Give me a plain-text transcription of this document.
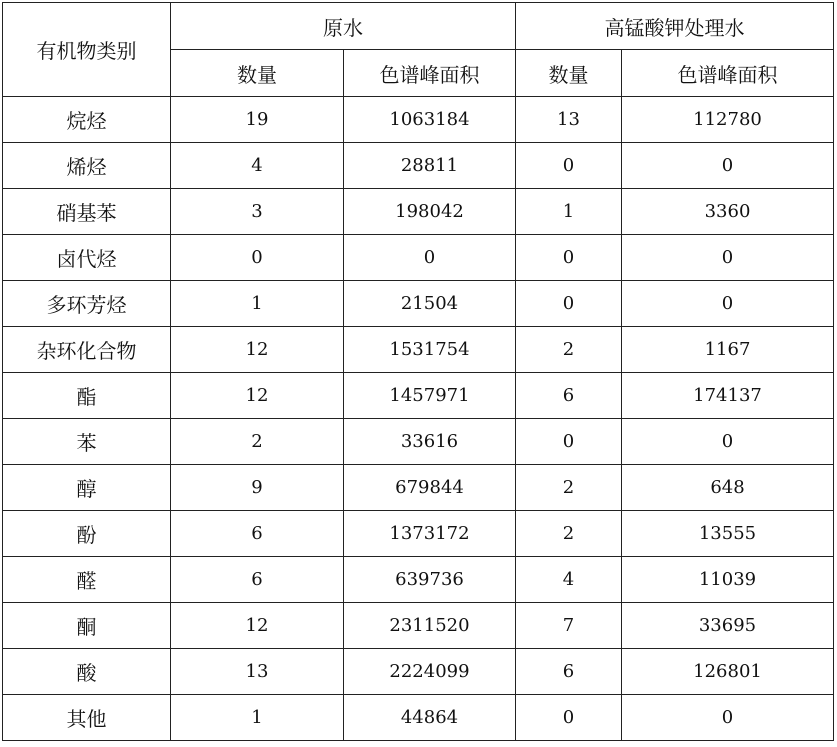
有机物类别	原水		高锰酸钾处理水	
	数量	色谱峰面积	数量	色谱峰面积
烷烃	19	1063184	13	112780
烯烃	4	28811	0	0
硝基苯	3	198042	1	3360
卤代烃	0	0	0	0
多环芳烃	1	21504	0	0
杂环化合物	12	1531754	2	1167
酯	12	1457971	6	174137
苯	2	33616	0	0
醇	9	679844	2	648
酚	6	1373172	2	13555
醛	6	639736	4	11039
酮	12	2311520	7	33695
酸	13	2224099	6	126801
其他	1	44864	0	0
